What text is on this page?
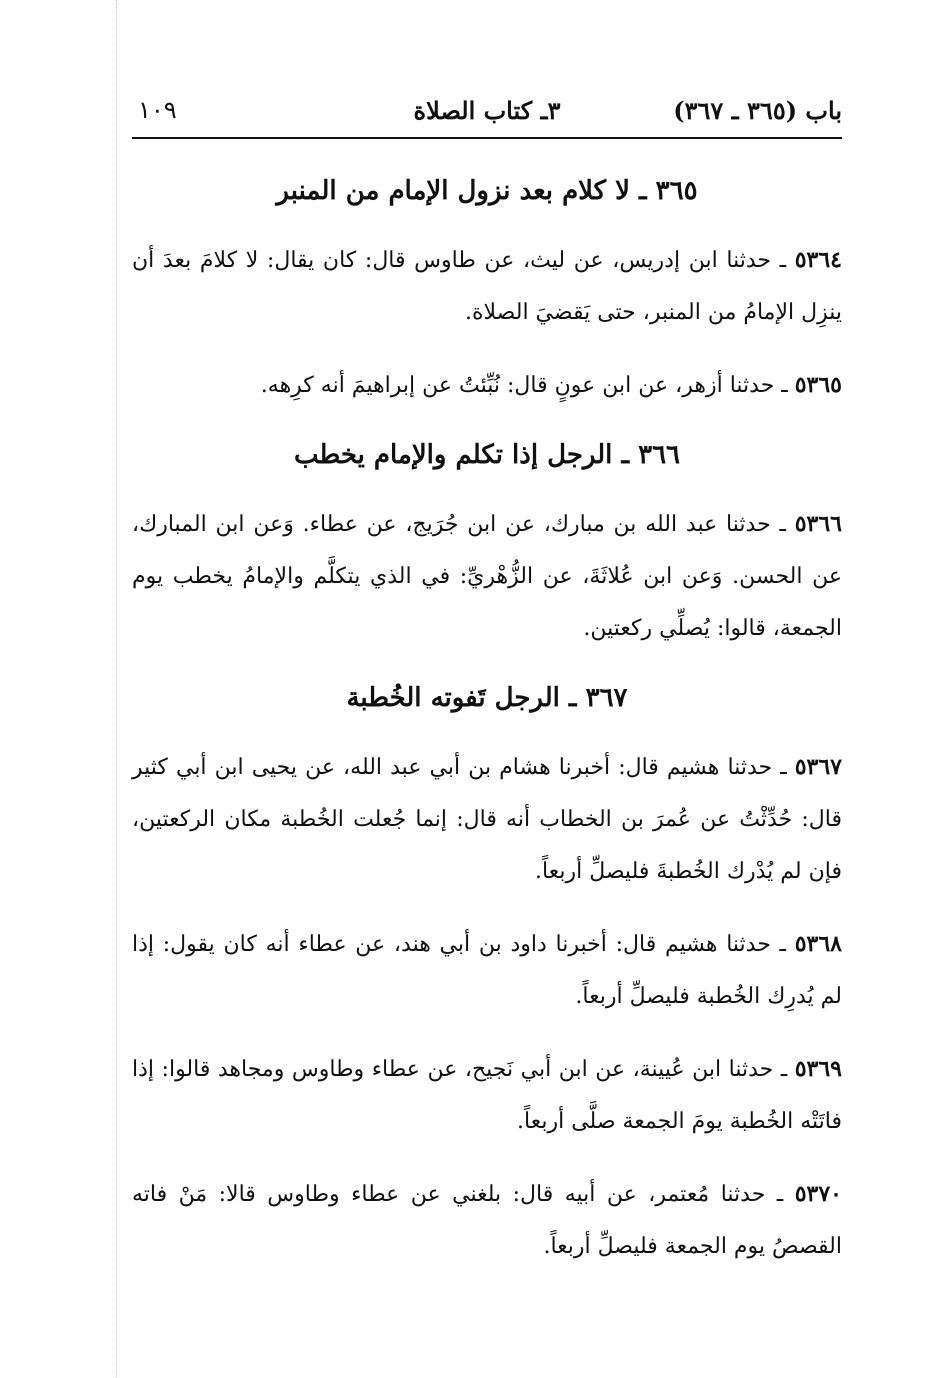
باب (٣٦٥ ـ ٣٦٧)
٣ـ كتاب الصلاة
١٠٩
٣٦٥ ـ لا كلام بعد نزول الإمام من المنبر

٥٣٦٤ ـ حدثنا ابن إدريس، عن ليث، عن طاوس قال: كان يقال: لا كلامَ بعدَ أن ينزِل الإمامُ من المنبر، حتى يَقضيَ الصلاة.

٥٣٦٥ ـ حدثنا أزهر، عن ابن عونٍ قال: نُبِّئتُ عن إبراهيمَ أنه كرِهه.

٣٦٦ ـ الرجل إذا تكلم والإمام يخطب

٥٣٦٦ ـ حدثنا عبد الله بن مبارك، عن ابن جُرَيج، عن عطاء. وَعن ابن المبارك، عن الحسن. وَعن ابن عُلاثَةَ، عن الزُّهْريِّ: في الذي يتكلَّم والإمامُ يخطب يوم الجمعة، قالوا: يُصلِّي ركعتين.

٣٦٧ ـ الرجل تَفوته الخُطبة

٥٣٦٧ ـ حدثنا هشيم قال: أخبرنا هشام بن أبي عبد الله، عن يحيى ابن أبي كثير قال: حُدِّثْتُ عن عُمرَ بن الخطاب أنه قال: إنما جُعلت الخُطبة مكان الركعتين، فإن لم يُدْرك الخُطبةَ فليصلِّ أربعاً.

٥٣٦٨ ـ حدثنا هشيم قال: أخبرنا داود بن أبي هند، عن عطاء أنه كان يقول: إذا لم يُدرِك الخُطبة فليصلِّ أربعاً.

٥٣٦٩ ـ حدثنا ابن عُيينة، عن ابن أبي نَجيح، عن عطاء وطاوس ومجاهد قالوا: إذا فاتَتْه الخُطبة يومَ الجمعة صلَّى أربعاً.

٥٣٧٠ ـ حدثنا مُعتمر، عن أبيه قال: بلغني عن عطاء وطاوس قالا: مَنْ فاته القصصُ يوم الجمعة فليصلِّ أربعاً.
